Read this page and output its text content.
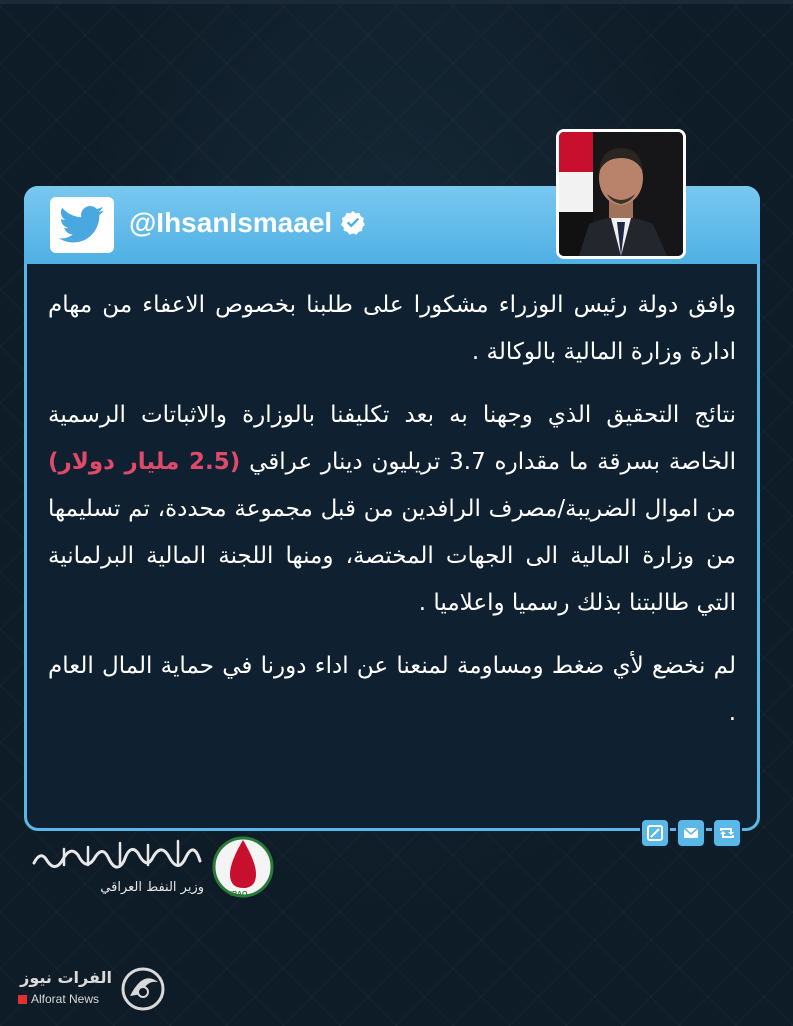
@IhsanIsmaael

وافق دولة رئيس الوزراء مشكورا على طلبنا بخصوص الاعفاء من مهام ادارة وزارة المالية بالوكالة .

نتائج التحقيق الذي وجهنا به بعد تكليفنا بالوزارة والاثباتات الرسمية الخاصة بسرقة ما مقداره 3.7 تريليون دينار عراقي (2.5 مليار دولار) من اموال الضريبة/مصرف الرافدين من قبل مجموعة محددة، تم تسليمها من وزارة المالية الى الجهات المختصة، ومنها اللجنة المالية البرلمانية التي طالبتنا بذلك رسميا واعلاميا .

لم نخضع لأي ضغط ومساومة لمنعنا عن اداء دورنا في حماية المال العام .

وزير النفط العراقي	IRAQ
الفرات نيوز
Alforat News
